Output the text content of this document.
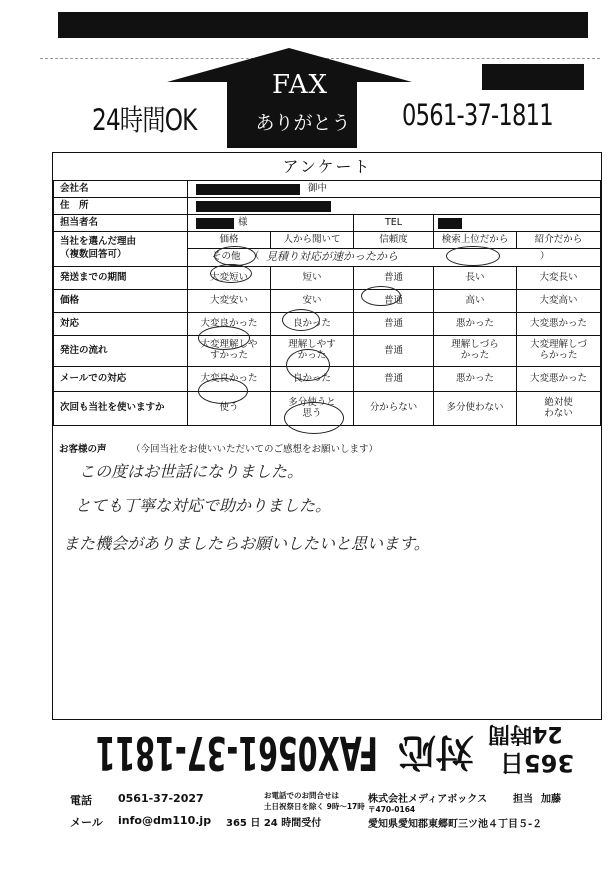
FAX
ありがとう
24時間OK	0561-37-1811
アンケート
会社名	御中				

住　所					

担当者名	様		TEL		

当社を選んだ理由
（複数回答可）	価格	人から聞いて	信頼度	検索上位だから	紹介だから

	その他 （ 見積り対応が速かったから ）				

発送までの期間	大変短い	短い	普通	長い	大変長い
価格	大変安い	安い	普通	高い	大変高い
対応	大変良かった	良かった	普通	悪かった	大変悪かった
発注の流れ	大変理解しやすかった	理解しやすかった	普通	理解しづらかった	大変理解しづらかった
メールでの対応	大変良かった	良かった	普通	悪かった	大変悪かった
次回も当社を使いますか	使う	多分使うと思う	分からない	多分使わない	絶対使わない
お客様の声	（今回当社をお使いいただいてのご感想をお願いします）
この度はお世話になりました。
とても丁寧な対応で助かりました。
また機会がありましたらお願いしたいと思います。
FAX0561-37-1811 対応 365日
24時間
電話 0561-37-2027	お電話でのお問合せは
土日祝祭日を除く 9時〜17時
メール info@dm110.jp 365 日 24 時間受付
株式会社メディアボックス	担当 加藤
〒470-0164
愛知県愛知郡東郷町三ツ池４丁目５-２
